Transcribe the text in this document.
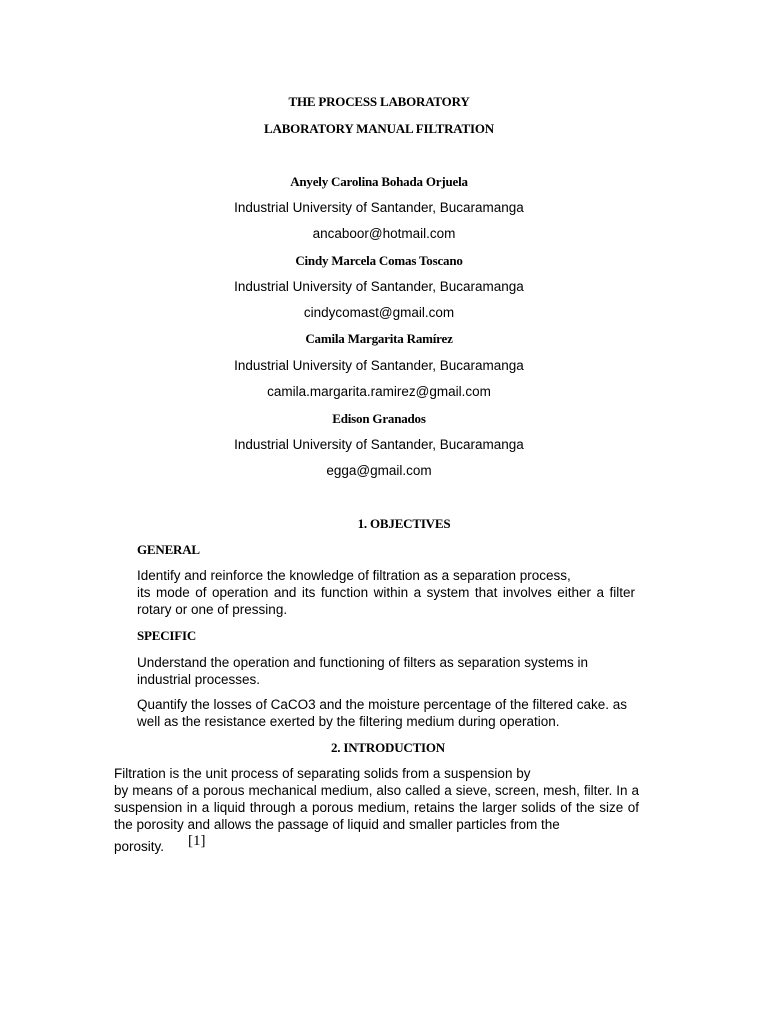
THE PROCESS LABORATORY
LABORATORY MANUAL FILTRATION
Anyely Carolina Bohada Orjuela
Industrial University of Santander, Bucaramanga
ancaboor@hotmail.com
Cindy Marcela Comas Toscano
Industrial University of Santander, Bucaramanga
cindycomast@gmail.com
Camila Margarita Ramírez
Industrial University of Santander, Bucaramanga
camila.margarita.ramirez@gmail.com
Edison Granados
Industrial University of Santander, Bucaramanga
egga@gmail.com
1. OBJECTIVES
GENERAL
Identify and reinforce the knowledge of filtration as a separation process,
its mode of operation and its function within a system that involves either a filter rotary or one of pressing.
SPECIFIC
Understand the operation and functioning of filters as separation systems in industrial processes.
Quantify the losses of CaCO3 and the moisture percentage of the filtered cake. as well as the resistance exerted by the filtering medium during operation.
2. INTRODUCTION
Filtration is the unit process of separating solids from a suspension by
by means of a porous mechanical medium, also called a sieve, screen, mesh, filter. In a suspension in a liquid through a porous medium, retains the larger solids of the size of the porosity and allows the passage of liquid and smaller particles from the
porosity. [1]
